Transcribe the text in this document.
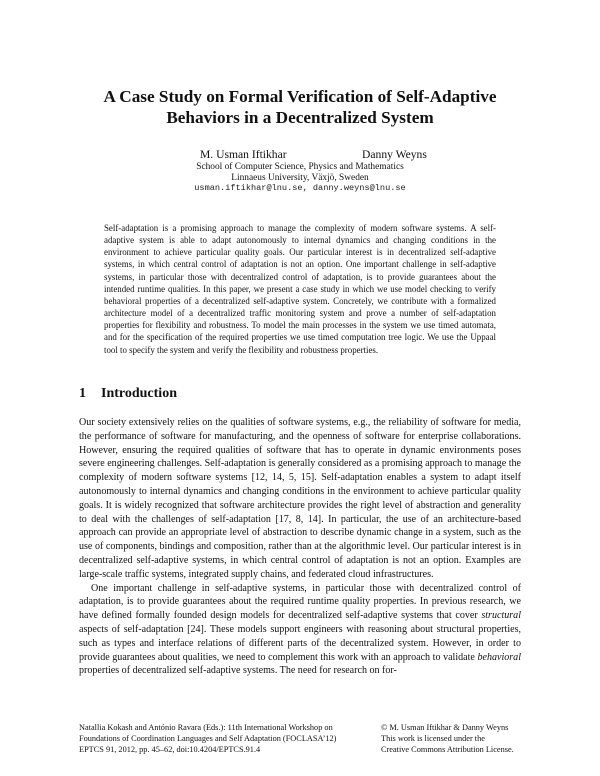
A Case Study on Formal Verification of Self-Adaptive
Behaviors in a Decentralized System
M. Usman Iftikhar	Danny Weyns
School of Computer Science, Physics and Mathematics
Linnaeus University, Växjö, Sweden
usman.iftikhar@lnu.se, danny.weyns@lnu.se
Self-adaptation is a promising approach to manage the complexity of modern software systems. A self-adaptive system is able to adapt autonomously to internal dynamics and changing conditions in the environment to achieve particular quality goals. Our particular interest is in decentralized self-adaptive systems, in which central control of adaptation is not an option. One important challenge in self-adaptive systems, in particular those with decentralized control of adaptation, is to provide guarantees about the intended runtime qualities. In this paper, we present a case study in which we use model checking to verify behavioral properties of a decentralized self-adaptive system. Concretely, we contribute with a formalized architecture model of a decentralized traffic monitoring system and prove a number of self-adaptation properties for flexibility and robustness. To model the main processes in the system we use timed automata, and for the specification of the required properties we use timed computation tree logic. We use the Uppaal tool to specify the system and verify the flexibility and robustness properties.
1 Introduction

Our society extensively relies on the qualities of software systems, e.g., the reliability of software for media, the performance of software for manufacturing, and the openness of software for enterprise collaborations. However, ensuring the required qualities of software that has to operate in dynamic environments poses severe engineering challenges. Self-adaptation is generally considered as a promising approach to manage the complexity of modern software systems [12, 14, 5, 15]. Self-adaptation enables a system to adapt itself autonomously to internal dynamics and changing conditions in the environment to achieve particular quality goals. It is widely recognized that software architecture provides the right level of abstraction and generality to deal with the challenges of self-adaptation [17, 8, 14]. In particular, the use of an architecture-based approach can provide an appropriate level of abstraction to describe dynamic change in a system, such as the use of components, bindings and composition, rather than at the algorithmic level. Our particular interest is in decentralized self-adaptive systems, in which central control of adaptation is not an option. Examples are large-scale traffic systems, integrated supply chains, and federated cloud infrastructures.

One important challenge in self-adaptive systems, in particular those with decentralized control of adaptation, is to provide guarantees about the required runtime quality properties. In previous research, we have defined formally founded design models for decentralized self-adaptive systems that cover structural aspects of self-adaptation [24]. These models support engineers with reasoning about structural properties, such as types and interface relations of different parts of the decentralized system. However, in order to provide guarantees about qualities, we need to complement this work with an approach to validate behavioral properties of decentralized self-adaptive systems. The need for research on for-

Natallia Kokash and António Ravara (Eds.): 11th International Workshop on
Foundations of Coordination Languages and Self Adaptation (FOCLASA’12)
EPTCS 91, 2012, pp. 45–62, doi:10.4204/EPTCS.91.4
© M. Usman Iftikhar & Danny Weyns
This work is licensed under the
Creative Commons Attribution License.
